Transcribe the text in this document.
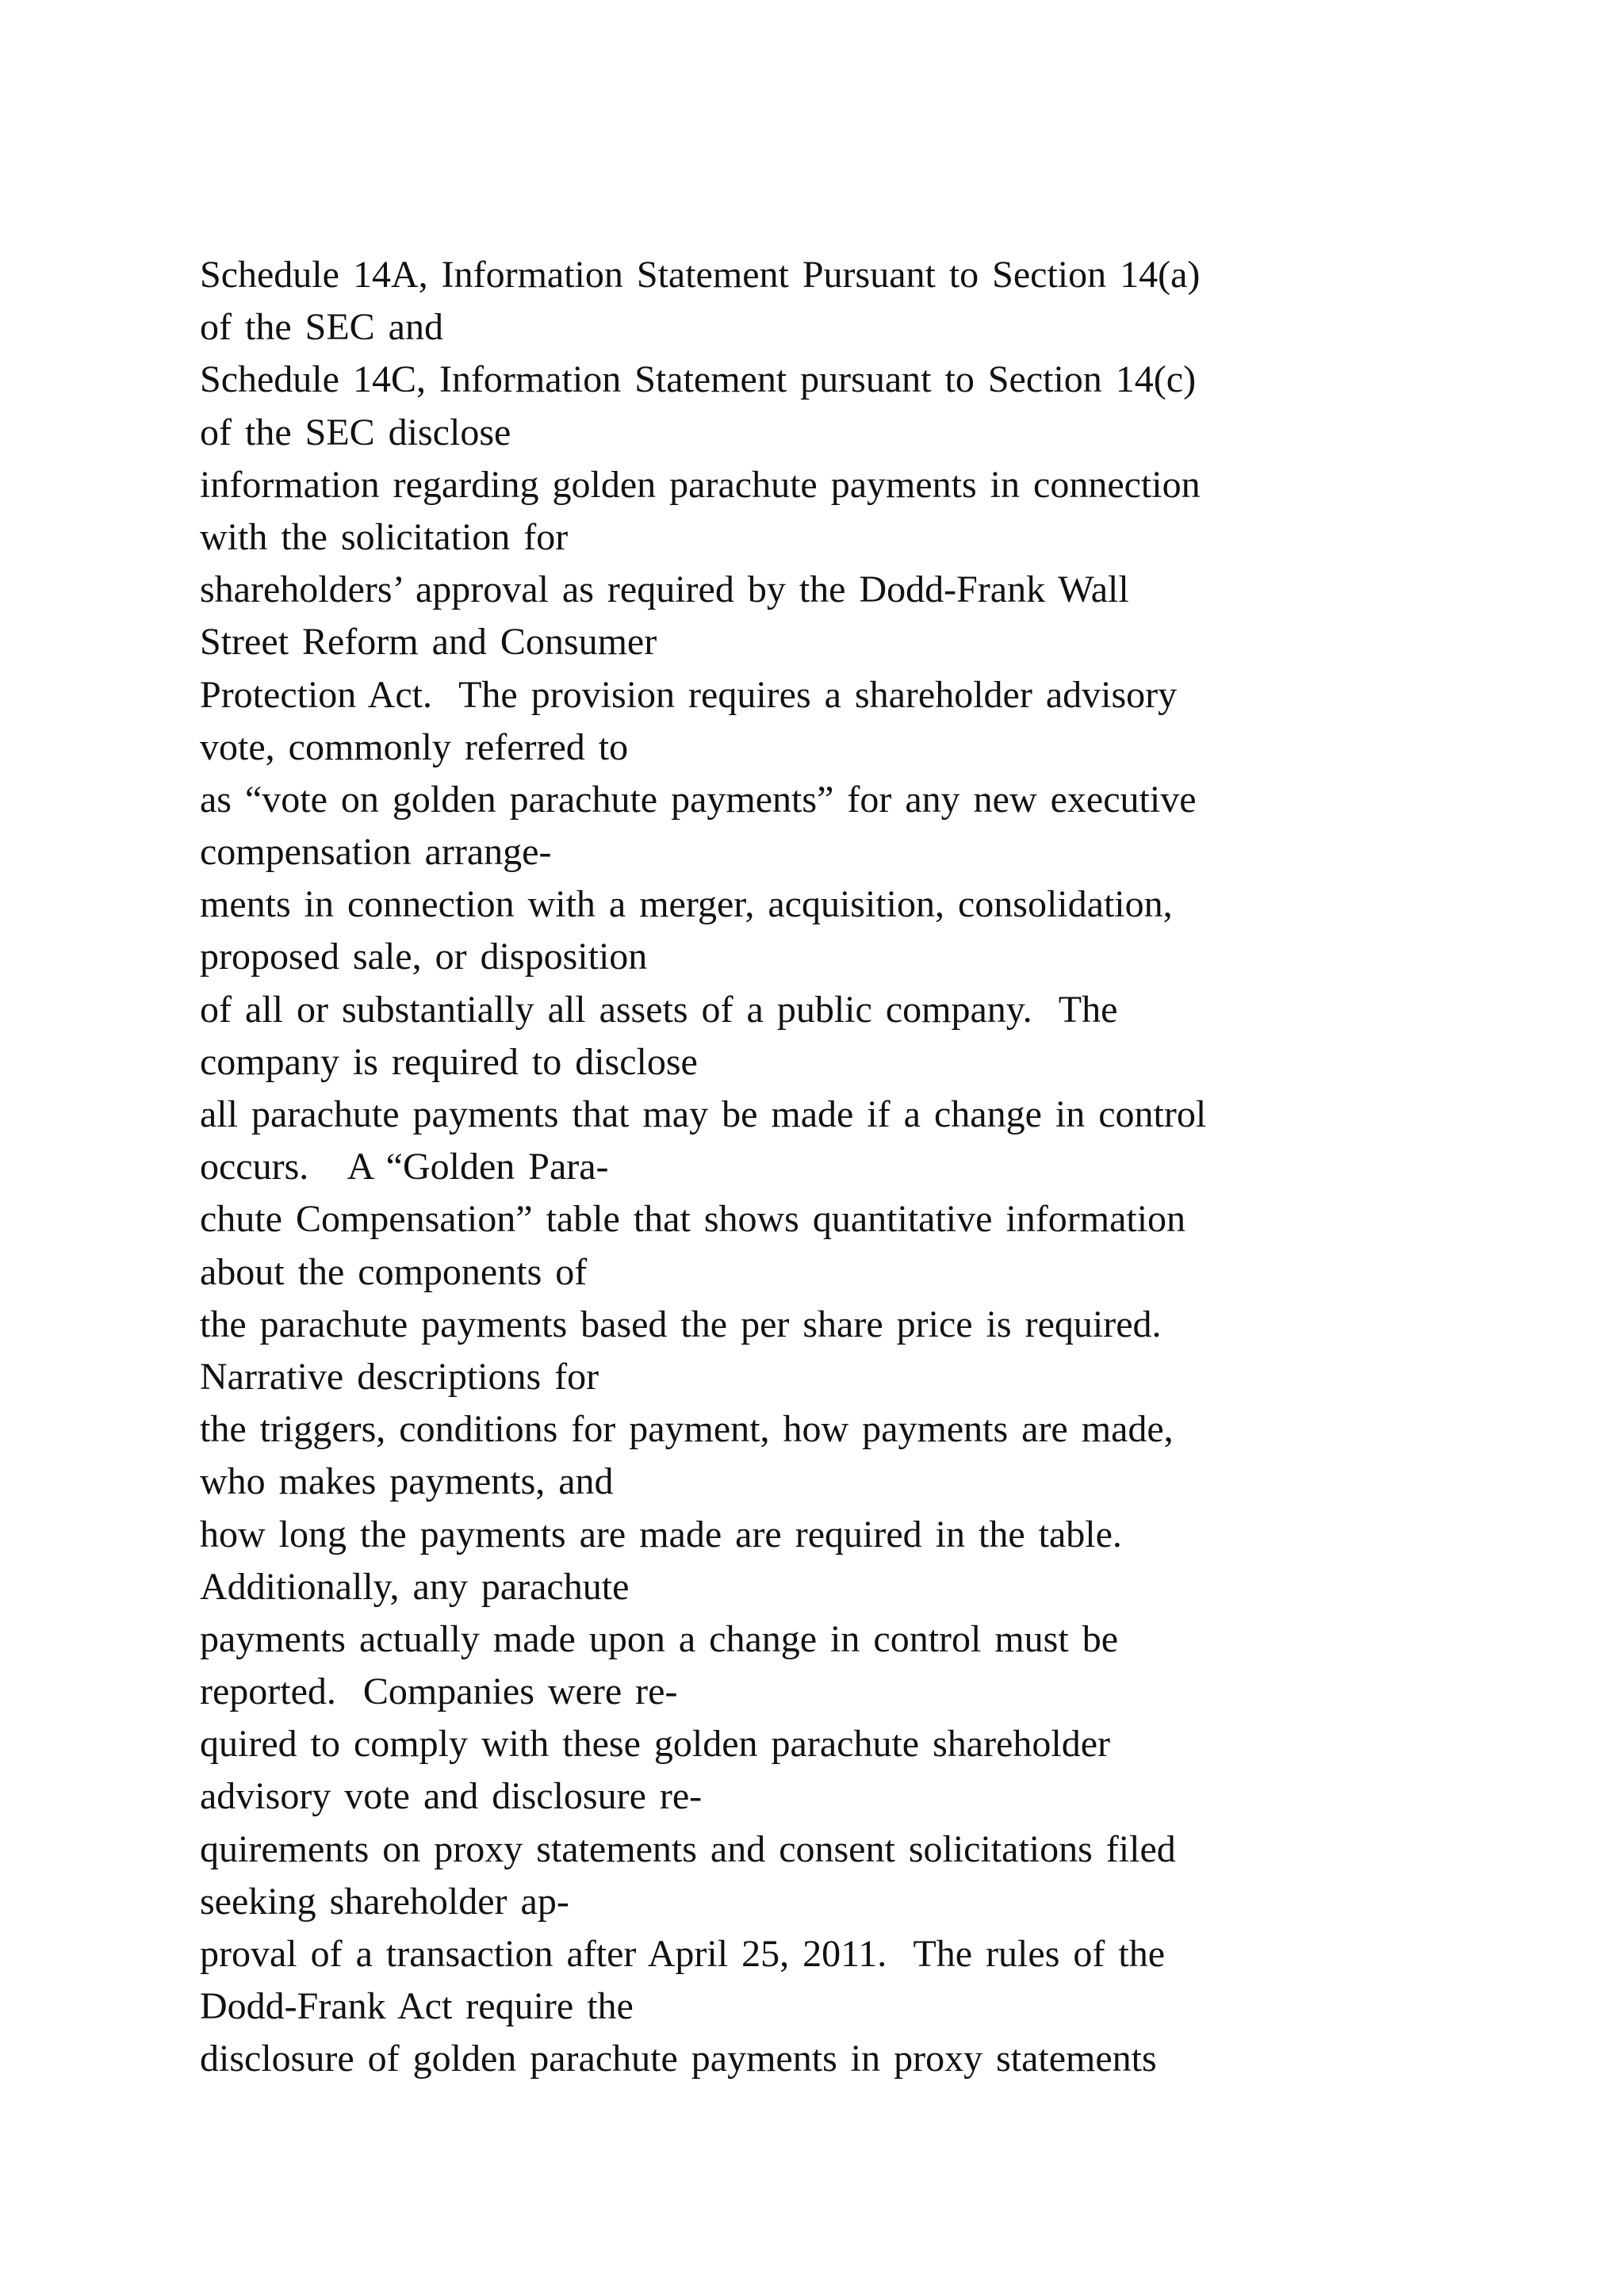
Schedule 14A, Information Statement Pursuant to Section 14(a)
of the SEC and
Schedule 14C, Information Statement pursuant to Section 14(c)
of the SEC disclose
information regarding golden parachute payments in connection
with the solicitation for
shareholders’ approval as required by the Dodd-Frank Wall
Street Reform and Consumer
Protection Act.  The provision requires a shareholder advisory
vote, commonly referred to
as “vote on golden parachute payments” for any new executive
compensation arrange-
ments in connection with a merger, acquisition, consolidation,
proposed sale, or disposition
of all or substantially all assets of a public company.  The
company is required to disclose
all parachute payments that may be made if a change in control
occurs.   A “Golden Para-
chute Compensation” table that shows quantitative information
about the components of
the parachute payments based the per share price is required.
Narrative descriptions for
the triggers, conditions for payment, how payments are made,
who makes payments, and
how long the payments are made are required in the table.
Additionally, any parachute
payments actually made upon a change in control must be
reported.  Companies were re-
quired to comply with these golden parachute shareholder
advisory vote and disclosure re-
quirements on proxy statements and consent solicitations filed
seeking shareholder ap-
proval of a transaction after April 25, 2011.  The rules of the
Dodd-Frank Act require the
disclosure of golden parachute payments in proxy statements
